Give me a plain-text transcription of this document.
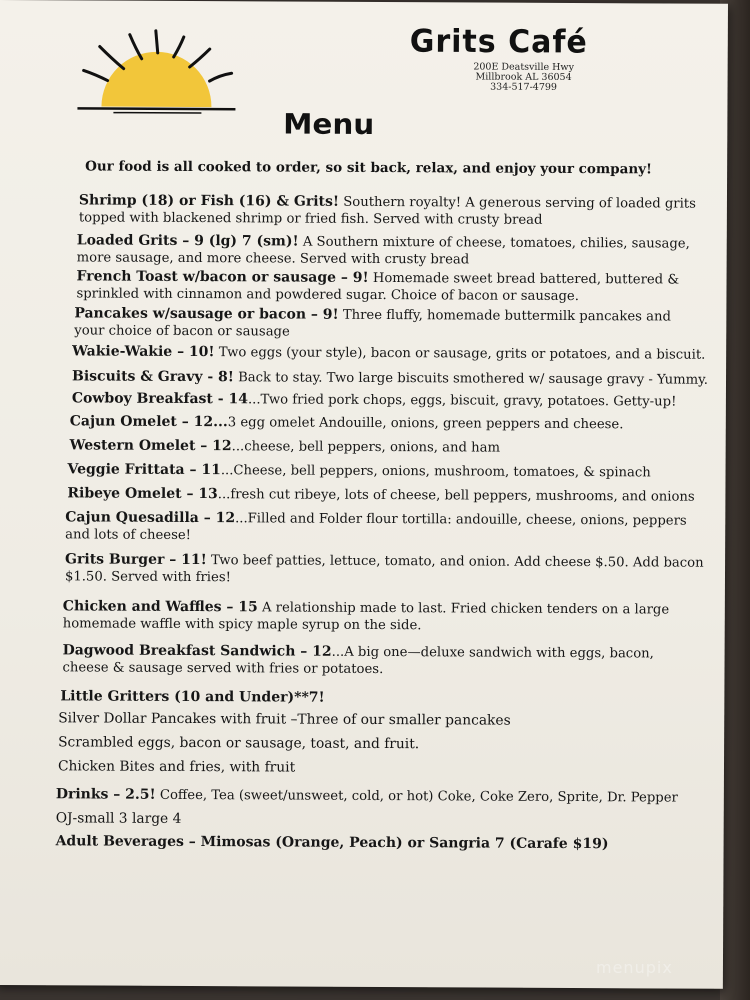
Grits Café
200E Deatsville Hwy
Millbrook AL 36054
334-517-4799
Menu
Our food is all cooked to order, so sit back, relax, and enjoy your company!
Shrimp (18) or Fish (16) & Grits! Southern royalty! A generous serving of loaded grits topped with blackened shrimp or fried fish. Served with crusty bread
Loaded Grits – 9 (lg) 7 (sm)! A Southern mixture of cheese, tomatoes, chilies, sausage, more sausage, and more cheese. Served with crusty bread
French Toast w/bacon or sausage – 9! Homemade sweet bread battered, buttered & sprinkled with cinnamon and powdered sugar. Choice of bacon or sausage.
Pancakes w/sausage or bacon – 9! Three fluffy, homemade buttermilk pancakes and your choice of bacon or sausage
Wakie-Wakie – 10! Two eggs (your style), bacon or sausage, grits or potatoes, and a biscuit.
Biscuits & Gravy - 8! Back to stay. Two large biscuits smothered w/ sausage gravy - Yummy.
Cowboy Breakfast - 14...Two fried pork chops, eggs, biscuit, gravy, potatoes. Getty-up!
Cajun Omelet – 12...3 egg omelet Andouille, onions, green peppers and cheese.
Western Omelet – 12...cheese, bell peppers, onions, and ham
Veggie Frittata – 11...Cheese, bell peppers, onions, mushroom, tomatoes, & spinach
Ribeye Omelet – 13...fresh cut ribeye, lots of cheese, bell peppers, mushrooms, and onions
Cajun Quesadilla – 12...Filled and Folder flour tortilla: andouille, cheese, onions, peppers and lots of cheese!
Grits Burger – 11! Two beef patties, lettuce, tomato, and onion. Add cheese $.50. Add bacon $1.50. Served with fries!
Chicken and Waffles – 15 A relationship made to last. Fried chicken tenders on a large homemade waffle with spicy maple syrup on the side.
Dagwood Breakfast Sandwich – 12...A big one—deluxe sandwich with eggs, bacon, cheese & sausage served with fries or potatoes.
Little Gritters (10 and Under)**7!
Silver Dollar Pancakes with fruit –Three of our smaller pancakes
Scrambled eggs, bacon or sausage, toast, and fruit.
Chicken Bites and fries, with fruit
Drinks – 2.5! Coffee, Tea (sweet/unsweet, cold, or hot) Coke, Coke Zero, Sprite, Dr. Pepper
OJ-small 3 large 4
Adult Beverages – Mimosas (Orange, Peach) or Sangria 7 (Carafe $19)
menupix
